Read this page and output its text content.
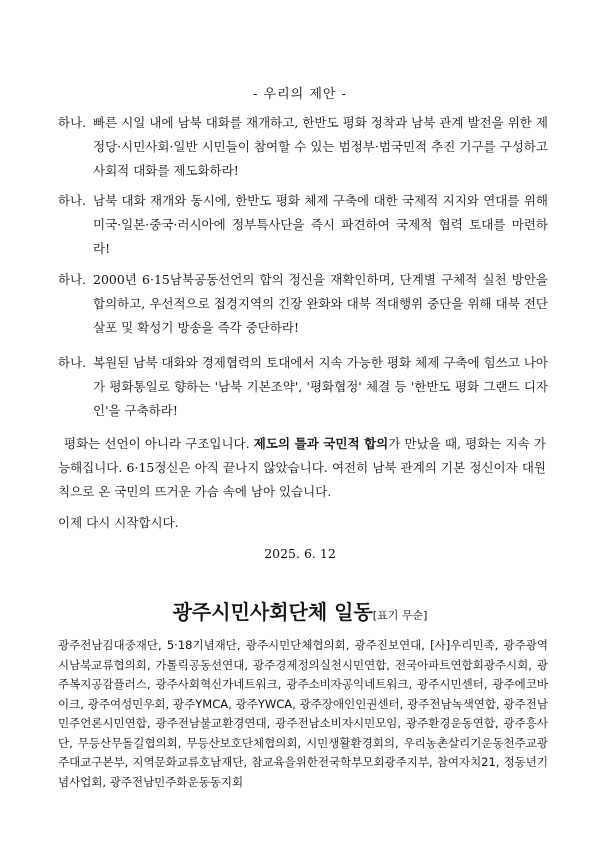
- 우리의 제안 -
하나. 빠른 시일 내에 남북 대화를 재개하고, 한반도 평화 정착과 남북 관계 발전을 위한 제 정당·시민사회·일반 시민들이 참여할 수 있는 범정부·범국민적 추진 기구를 구성하고 사회적 대화를 제도화하라!
하나. 남북 대화 재개와 동시에, 한반도 평화 체제 구축에 대한 국제적 지지와 연대를 위해 미국·일본·중국·러시아에 정부특사단을 즉시 파견하여 국제적 협력 토대를 마련하라!
하나. 2000년 6·15남북공동선언의 합의 정신을 재확인하며, 단계별 구체적 실천 방안을 합의하고, 우선적으로 접경지역의 긴장 완화와 대북 적대행위 중단을 위해 대북 전단 살포 및 확성기 방송을 즉각 중단하라!
하나. 복원된 남북 대화와 경제협력의 토대에서 지속 가능한 평화 체제 구축에 힘쓰고 나아가 평화통일로 향하는 '남북 기본조약', '평화협정' 체결 등 '한반도 평화 그랜드 디자인'을 구축하라!
평화는 선언이 아니라 구조입니다. 제도의 틀과 국민적 합의가 만났을 때, 평화는 지속 가능해집니다. 6·15정신은 아직 끝나지 않았습니다. 여전히 남북 관계의 기본 정신이자 대원칙으로 온 국민의 뜨거운 가슴 속에 남아 있습니다.
이제 다시 시작합시다.
2025. 6. 12
광주시민사회단체 일동[표기 무순]
광주전남김대중재단, 5·18기념재단, 광주시민단체협의회, 광주진보연대, [사]우리민족, 광주광역시남북교류협의회, 가톨릭공동선연대, 광주경제정의실천시민연합, 전국아파트연합회광주시회, 광주복지공감플러스, 광주사회혁신가네트워크, 광주소비자공익네트워크, 광주시민센터, 광주에코바이크, 광주여성민우회, 광주YMCA, 광주YWCA, 광주장애인인권센터, 광주전남녹색연합, 광주전남민주언론시민연합, 광주전남불교환경연대, 광주전남소비자시민모임, 광주환경운동연합, 광주흥사단, 무등산무돌길협의회, 무등산보호단체협의회, 시민생활환경회의, 우리농촌살리기운동천주교광주대교구본부, 지역문화교류호남재단, 참교육을위한전국학부모회광주지부, 참여자치21, 정동년기념사업회, 광주전남민주화운동동지회
